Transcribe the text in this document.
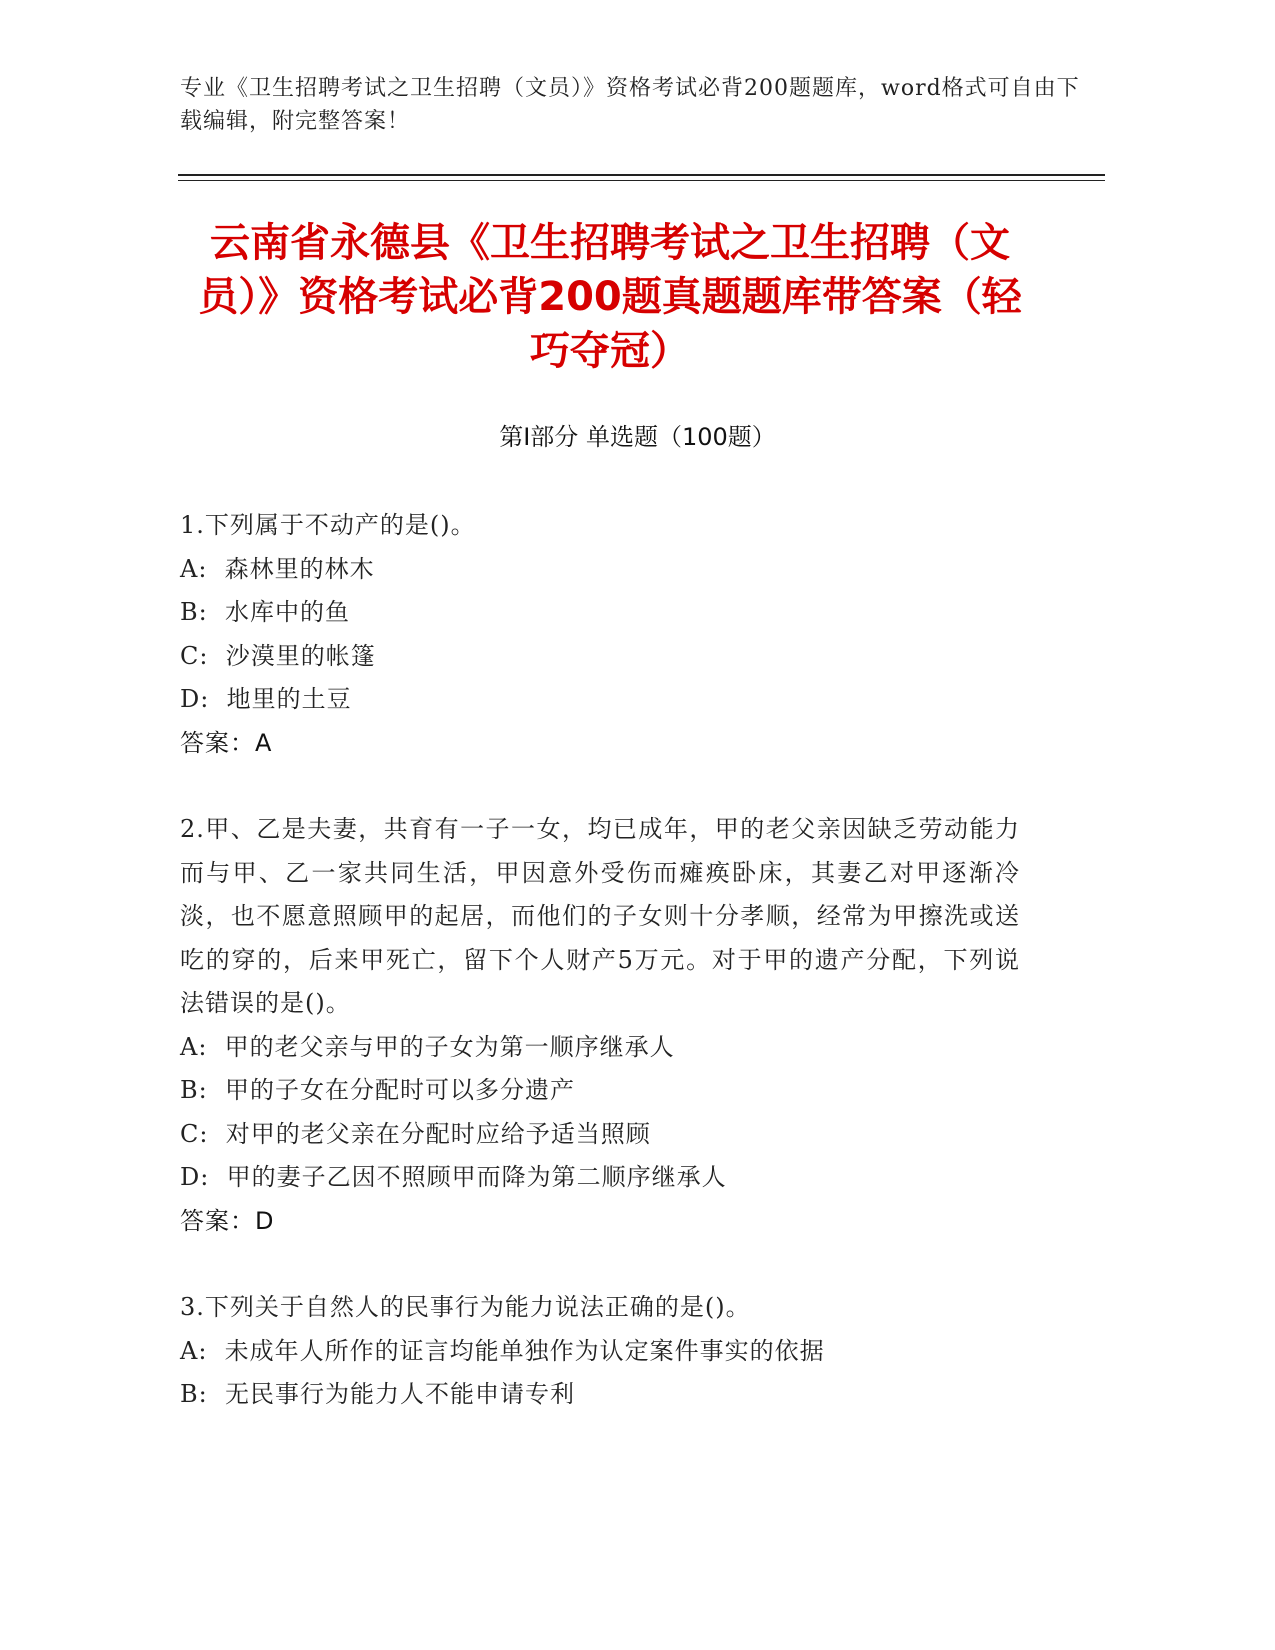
专业《卫生招聘考试之卫生招聘（文员）》资格考试必背200题题库，word格式可自由下载编辑，附完整答案！
云南省永德县《卫生招聘考试之卫生招聘（文员）》资格考试必背200题真题题库带答案（轻巧夺冠）
第I部分 单选题（100题）

1.下列属于不动产的是()。

A:  森林里的林木

B:  水库中的鱼

C:  沙漠里的帐篷

D:  地里的土豆

答案：A

2.甲、乙是夫妻，共育有一子一女，均已成年，甲的老父亲因缺乏劳动能力而与甲、乙一家共同生活，甲因意外受伤而瘫痪卧床，其妻乙对甲逐渐冷淡，也不愿意照顾甲的起居，而他们的子女则十分孝顺，经常为甲擦洗或送吃的穿的，后来甲死亡，留下个人财产5万元。对于甲的遗产分配，下列说法错误的是()。

A:  甲的老父亲与甲的子女为第一顺序继承人

B:  甲的子女在分配时可以多分遗产

C:  对甲的老父亲在分配时应给予适当照顾

D:  甲的妻子乙因不照顾甲而降为第二顺序继承人

答案：D

3.下列关于自然人的民事行为能力说法正确的是()。

A:  未成年人所作的证言均能单独作为认定案件事实的依据

B:  无民事行为能力人不能申请专利
